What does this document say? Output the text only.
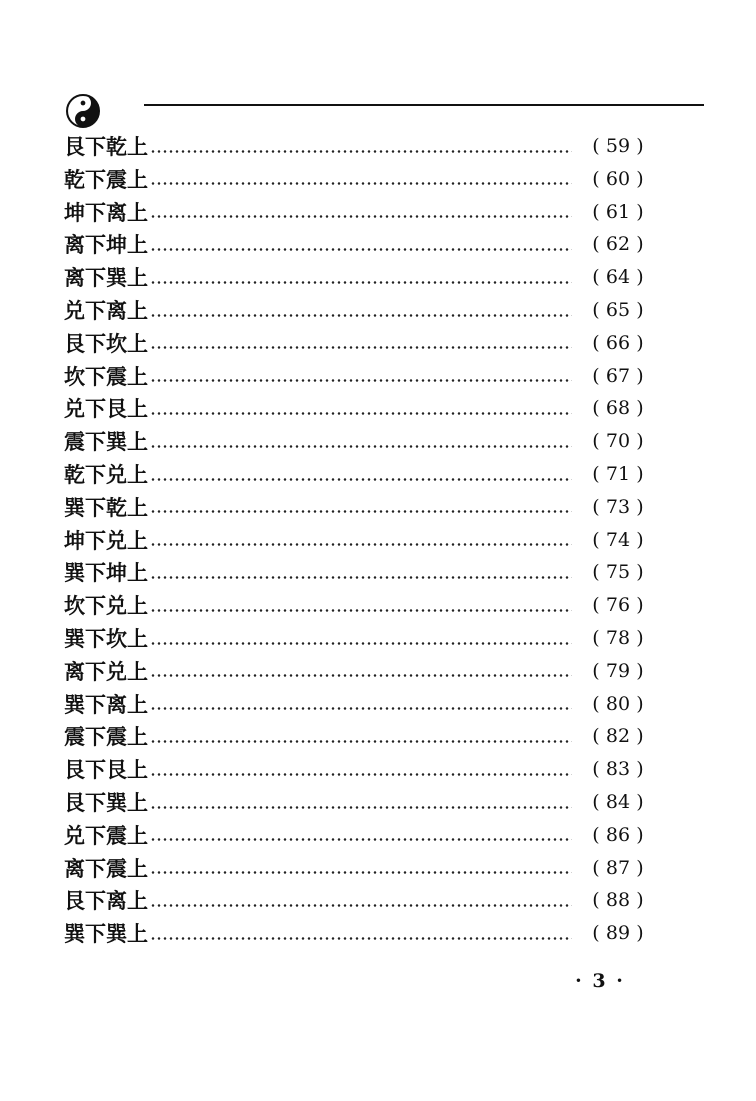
艮下乾上	( 59 )
乾下震上	( 60 )
坤下离上	( 61 )
离下坤上	( 62 )
离下巽上	( 64 )
兑下离上	( 65 )
艮下坎上	( 66 )
坎下震上	( 67 )
兑下艮上	( 68 )
震下巽上	( 70 )
乾下兑上	( 71 )
巽下乾上	( 73 )
坤下兑上	( 74 )
巽下坤上	( 75 )
坎下兑上	( 76 )
巽下坎上	( 78 )
离下兑上	( 79 )
巽下离上	( 80 )
震下震上	( 82 )
艮下艮上	( 83 )
艮下巽上	( 84 )
兑下震上	( 86 )
离下震上	( 87 )
艮下离上	( 88 )
巽下巽上	( 89 )
· 3 ·
